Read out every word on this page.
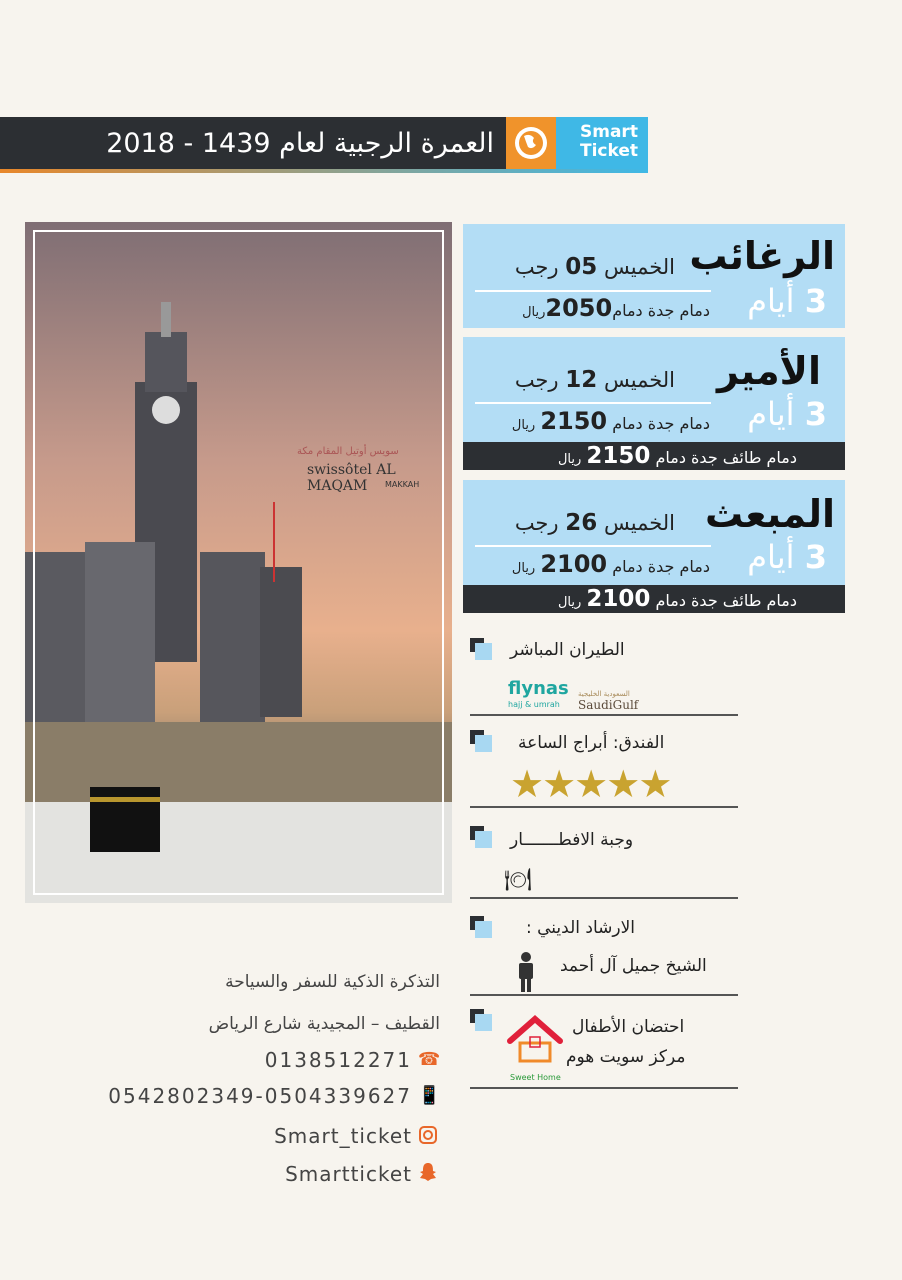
العمرة الرجبية لعام 1439 - 2018	Smart
Ticket
سويس أوتيل المقام مكة
swissôtel AL MAQAM	MAKKAH
الرغائب
3 أيام
الخميس 05 رجب
دمام جدة دمام2050ريال
الأمير
3 أيام
الخميس 12 رجب
دمام جدة دمام 2150 ريال
دمام طائف جدة دمام 2150 ريال
المبعث
3 أيام
الخميس 26 رجب
دمام جدة دمام 2100 ريال
دمام طائف جدة دمام 2100 ريال
الطيران المباشر
flynas
hajj & umrah
السعودية الخليجية
SaudiGulf
الفندق: أبراج الساعة
★★★★★
وجبة الافطـــــــار
🍽
الارشاد الديني :
الشيخ جميل آل أحمد
Sweet Home
احتضان الأطفال
مركز سويت هوم
التذكرة الذكية للسفر والسياحة
القطيف – المجيدية شارع الرياض
☎
0138512271
📱
0542802349-0504339627
Smart_ticket
Smartticket
